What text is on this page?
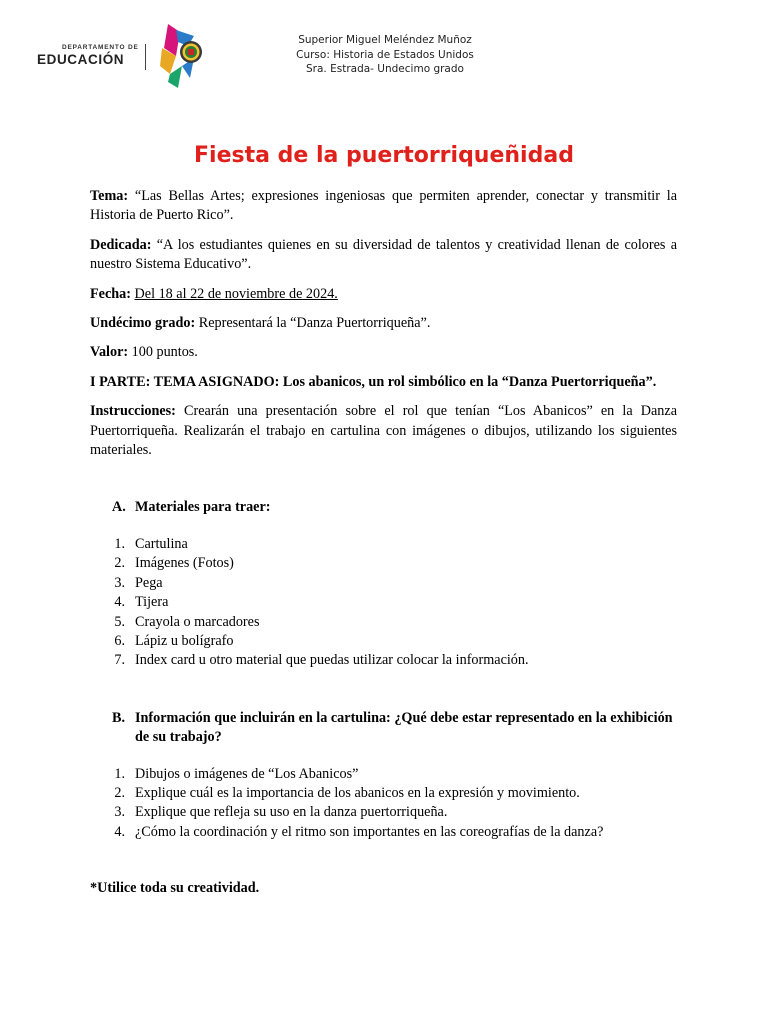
DEPARTAMENTO DE
EDUCACIÓN
Superior Miguel Meléndez Muñoz
Curso: Historia de Estados Unidos
Sra. Estrada- Undecimo grado
Fiesta de la puertorriqueñidad

Tema: “Las Bellas Artes; expresiones ingeniosas que permiten aprender, conectar y transmitir la Historia de Puerto Rico”.

Dedicada: “A los estudiantes quienes en su diversidad de talentos y creatividad llenan de colores a nuestro Sistema Educativo”.

Fecha: Del 18 al 22 de noviembre de 2024.

Undécimo grado: Representará la “Danza Puertorriqueña”.

Valor: 100 puntos.

I PARTE: TEMA ASIGNADO: Los abanicos, un rol simbólico en la “Danza Puertorriqueña”.

Instrucciones: Crearán una presentación sobre el rol que tenían “Los Abanicos” en la Danza Puertorriqueña. Realizarán el trabajo en cartulina con imágenes o dibujos, utilizando los siguientes materiales.

A. Materiales para traer:
1. Cartulina
2. Imágenes (Fotos)
3. Pega
4. Tijera
5. Crayola o marcadores
6. Lápiz u bolígrafo
7. Index card u otro material que puedas utilizar colocar la información.
B. Información que incluirán en la cartulina: ¿Qué debe estar representado en la exhibición de su trabajo?
1. Dibujos o imágenes de “Los Abanicos”
2. Explique cuál es la importancia de los abanicos en la expresión y movimiento.
3. Explique que refleja su uso en la danza puertorriqueña.
4. ¿Cómo la coordinación y el ritmo son importantes en las coreografías de la danza?
*Utilice toda su creatividad.
